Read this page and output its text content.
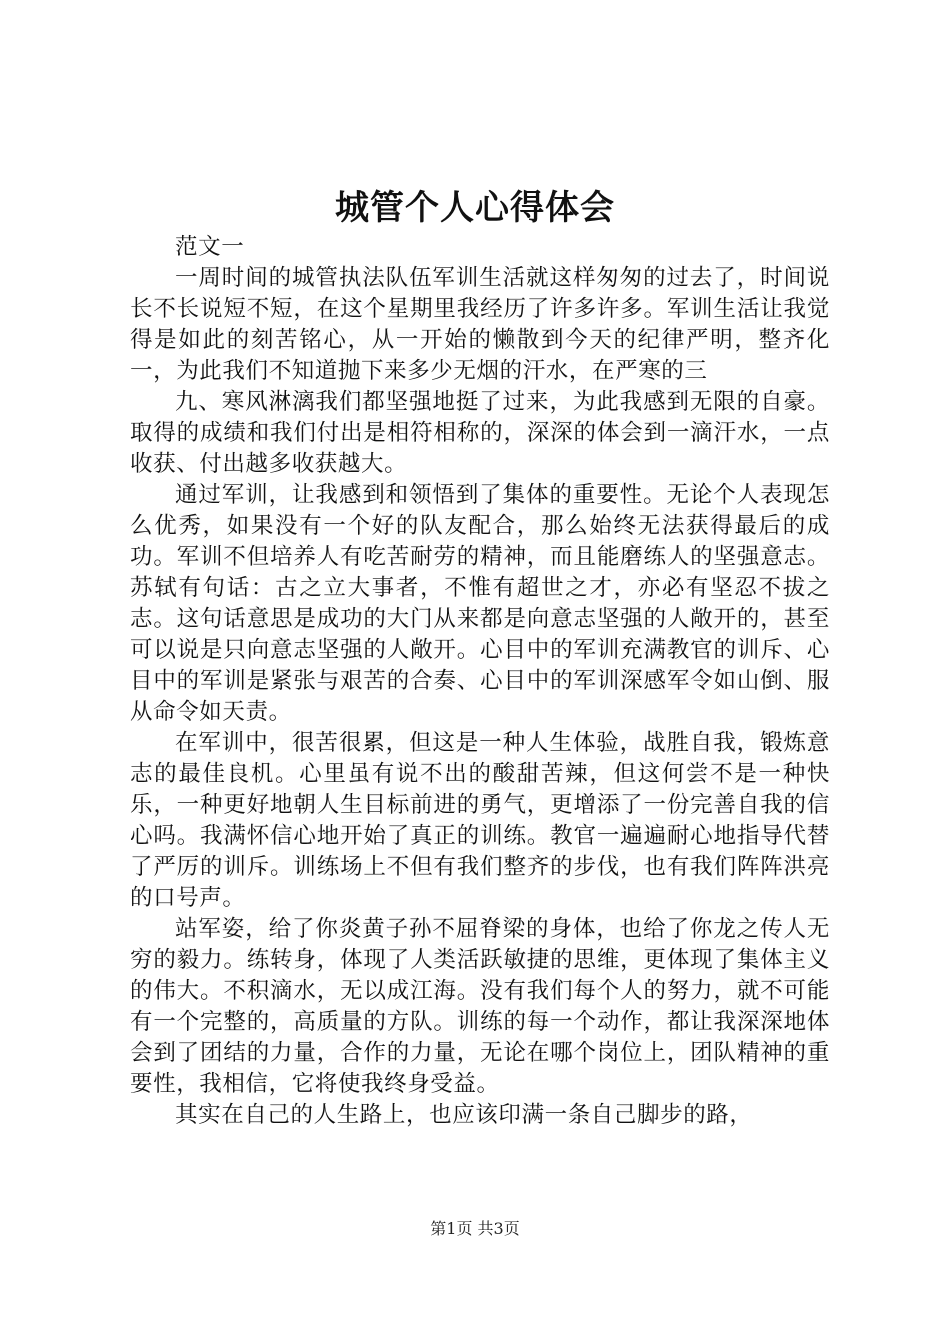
城管个人心得体会

范文一

一周时间的城管执法队伍军训生活就这样匆匆的过去了，时间说长不长说短不短，在这个星期里我经历了许多许多。军训生活让我觉得是如此的刻苦铭心，从一开始的懒散到今天的纪律严明，整齐化一，为此我们不知道抛下来多少无烟的汗水，在严寒的三

九、寒风淋漓我们都坚强地挺了过来，为此我感到无限的自豪。取得的成绩和我们付出是相符相称的，深深的体会到一滴汗水，一点收获、付出越多收获越大。

通过军训，让我感到和领悟到了集体的重要性。无论个人表现怎么优秀，如果没有一个好的队友配合，那么始终无法获得最后的成功。军训不但培养人有吃苦耐劳的精神，而且能磨练人的坚强意志。苏轼有句话：古之立大事者，不惟有超世之才，亦必有坚忍不拔之志。这句话意思是成功的大门从来都是向意志坚强的人敞开的，甚至可以说是只向意志坚强的人敞开。心目中的军训充满教官的训斥、心目中的军训是紧张与艰苦的合奏、心目中的军训深感军令如山倒、服从命令如天责。

在军训中，很苦很累，但这是一种人生体验，战胜自我，锻炼意志的最佳良机。心里虽有说不出的酸甜苦辣，但这何尝不是一种快乐，一种更好地朝人生目标前进的勇气，更增添了一份完善自我的信心吗。我满怀信心地开始了真正的训练。教官一遍遍耐心地指导代替了严厉的训斥。训练场上不但有我们整齐的步伐，也有我们阵阵洪亮的口号声。

站军姿，给了你炎黄子孙不屈脊梁的身体，也给了你龙之传人无穷的毅力。练转身，体现了人类活跃敏捷的思维，更体现了集体主义的伟大。不积滴水，无以成江海。没有我们每个人的努力，就不可能有一个完整的，高质量的方队。训练的每一个动作，都让我深深地体会到了团结的力量，合作的力量，无论在哪个岗位上，团队精神的重要性，我相信，它将使我终身受益。

其实在自己的人生路上，也应该印满一条自己脚步的路，

第1页 共3页
